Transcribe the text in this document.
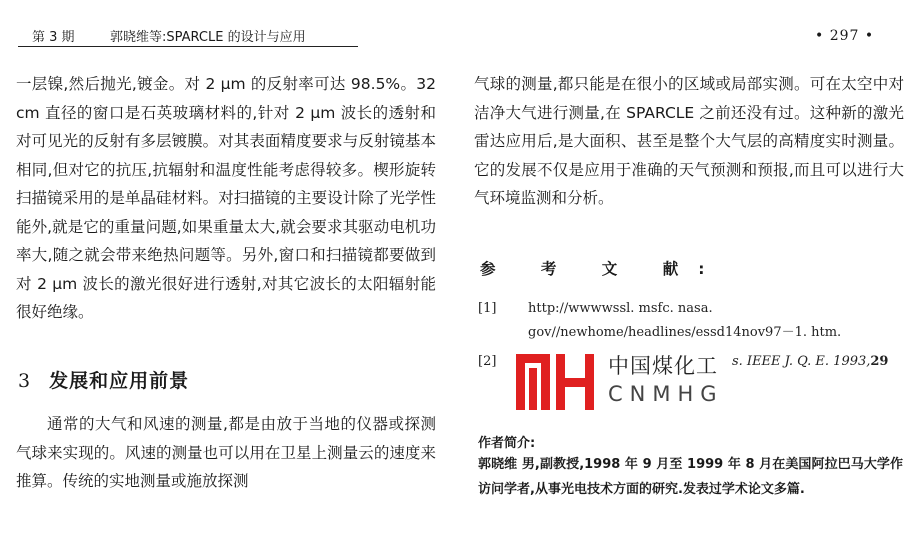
第 3 期	郭晓维等:SPARCLE 的设计与应用	• 297 •

一层镍,然后抛光,镀金。对 2 μm 的反射率可达 98.5%。32 cm 直径的窗口是石英玻璃材料的,针对 2 μm 波长的透射和对可见光的反射有多层镀膜。对其表面精度要求与反射镜基本相同,但对它的抗压,抗辐射和温度性能考虑得较多。楔形旋转扫描镜采用的是单晶硅材料。对扫描镜的主要设计除了光学性能外,就是它的重量问题,如果重量太大,就会要求其驱动电机功率大,随之就会带来绝热问题等。另外,窗口和扫描镜都要做到对 2 μm 波长的激光很好进行透射,对其它波长的太阳辐射能很好绝缘。

3 发展和应用前景

通常的大气和风速的测量,都是由放于当地的仪器或探测气球来实现的。风速的测量也可以用在卫星上测量云的速度来推算。传统的实地测量或施放探测

气球的测量,都只能是在很小的区域或局部实测。可在太空中对洁净大气进行测量,在 SPARCLE 之前还没有过。这种新的激光雷达应用后,是大面积、甚至是整个大气层的高精度实时测量。它的发展不仅是应用于准确的天气预测和预报,而且可以进行大气环境监测和分析。

参 考 文 献:
[1] http://wwwwssl. msfc. nasa. gov//newhome/headlines/essd14nov97－1. htm.
[2]	s. IEEE J. Q. E. 1993,29
中国煤化工
CNMHG
作者简介:
郭晓维 男,副教授,1998 年 9 月至 1999 年 8 月在美国阿拉巴马大学作访问学者,从事光电技术方面的研究.发表过学术论文多篇.
